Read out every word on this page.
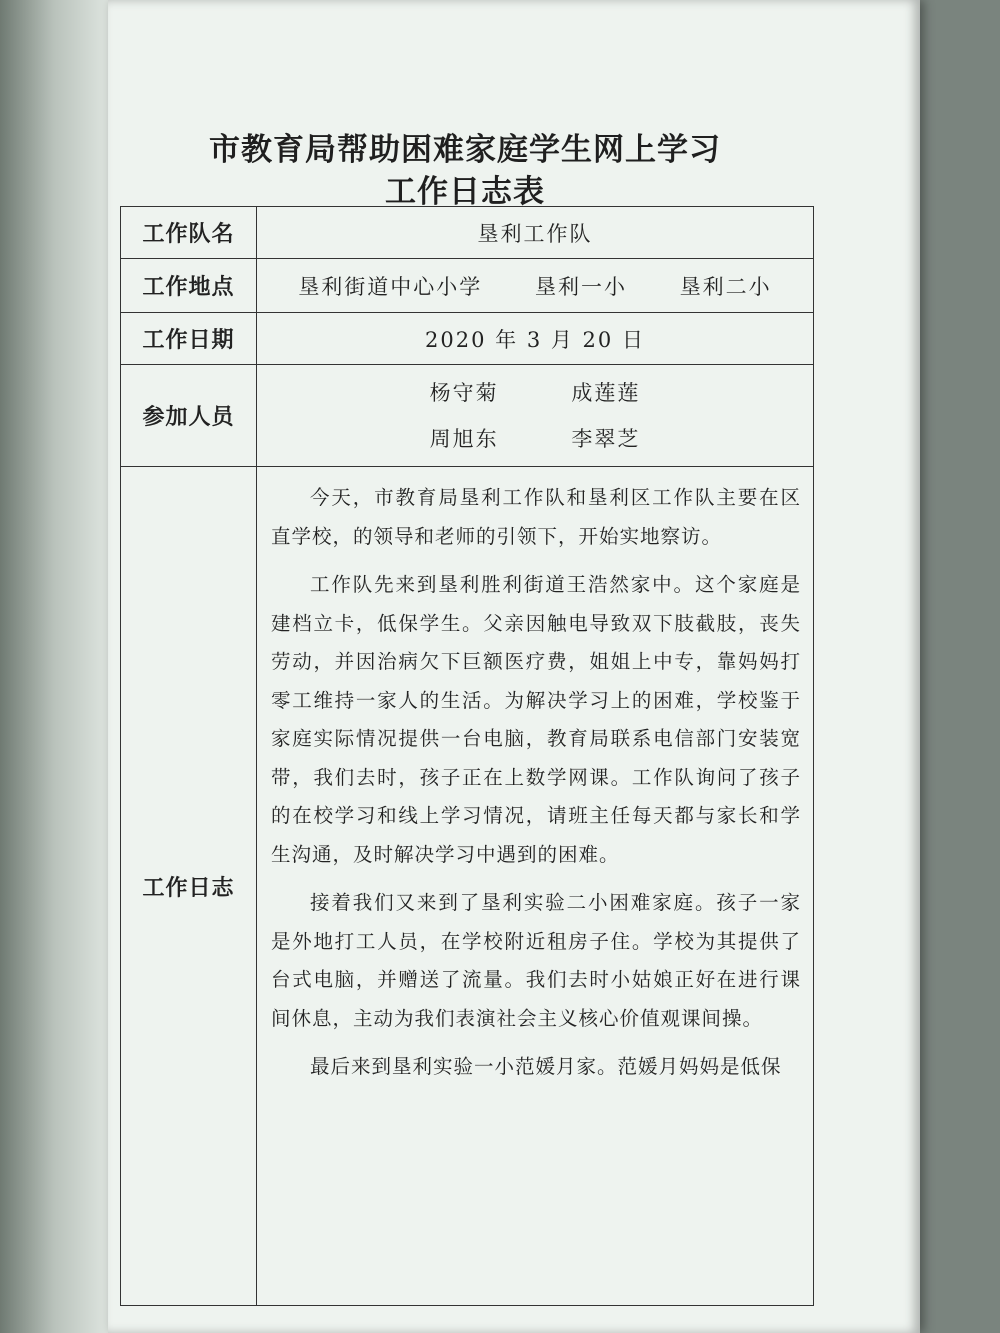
市教育局帮助困难家庭学生网上学习
工作日志表
工作队名	垦利工作队
工作地点	垦利街道中心小学 垦利一小 垦利二小
工作日期	2020 年 3 月 20 日
参加人员	杨守菊 成莲莲
周旭东 李翠芝

工作日志	今天，市教育局垦利工作队和垦利区工作队主要在区直学校，的领导和老师的引领下，开始实地察访。

工作队先来到垦利胜利街道王浩然家中。这个家庭是建档立卡，低保学生。父亲因触电导致双下肢截肢，丧失劳动，并因治病欠下巨额医疗费，姐姐上中专，靠妈妈打零工维持一家人的生活。为解决学习上的困难，学校鉴于家庭实际情况提供一台电脑，教育局联系电信部门安装宽带，我们去时，孩子正在上数学网课。工作队询问了孩子的在校学习和线上学习情况，请班主任每天都与家长和学生沟通，及时解决学习中遇到的困难。

接着我们又来到了垦利实验二小困难家庭。孩子一家是外地打工人员，在学校附近租房子住。学校为其提供了台式电脑，并赠送了流量。我们去时小姑娘正好在进行课间休息，主动为我们表演社会主义核心价值观课间操。

最后来到垦利实验一小范媛月家。范媛月妈妈是低保
